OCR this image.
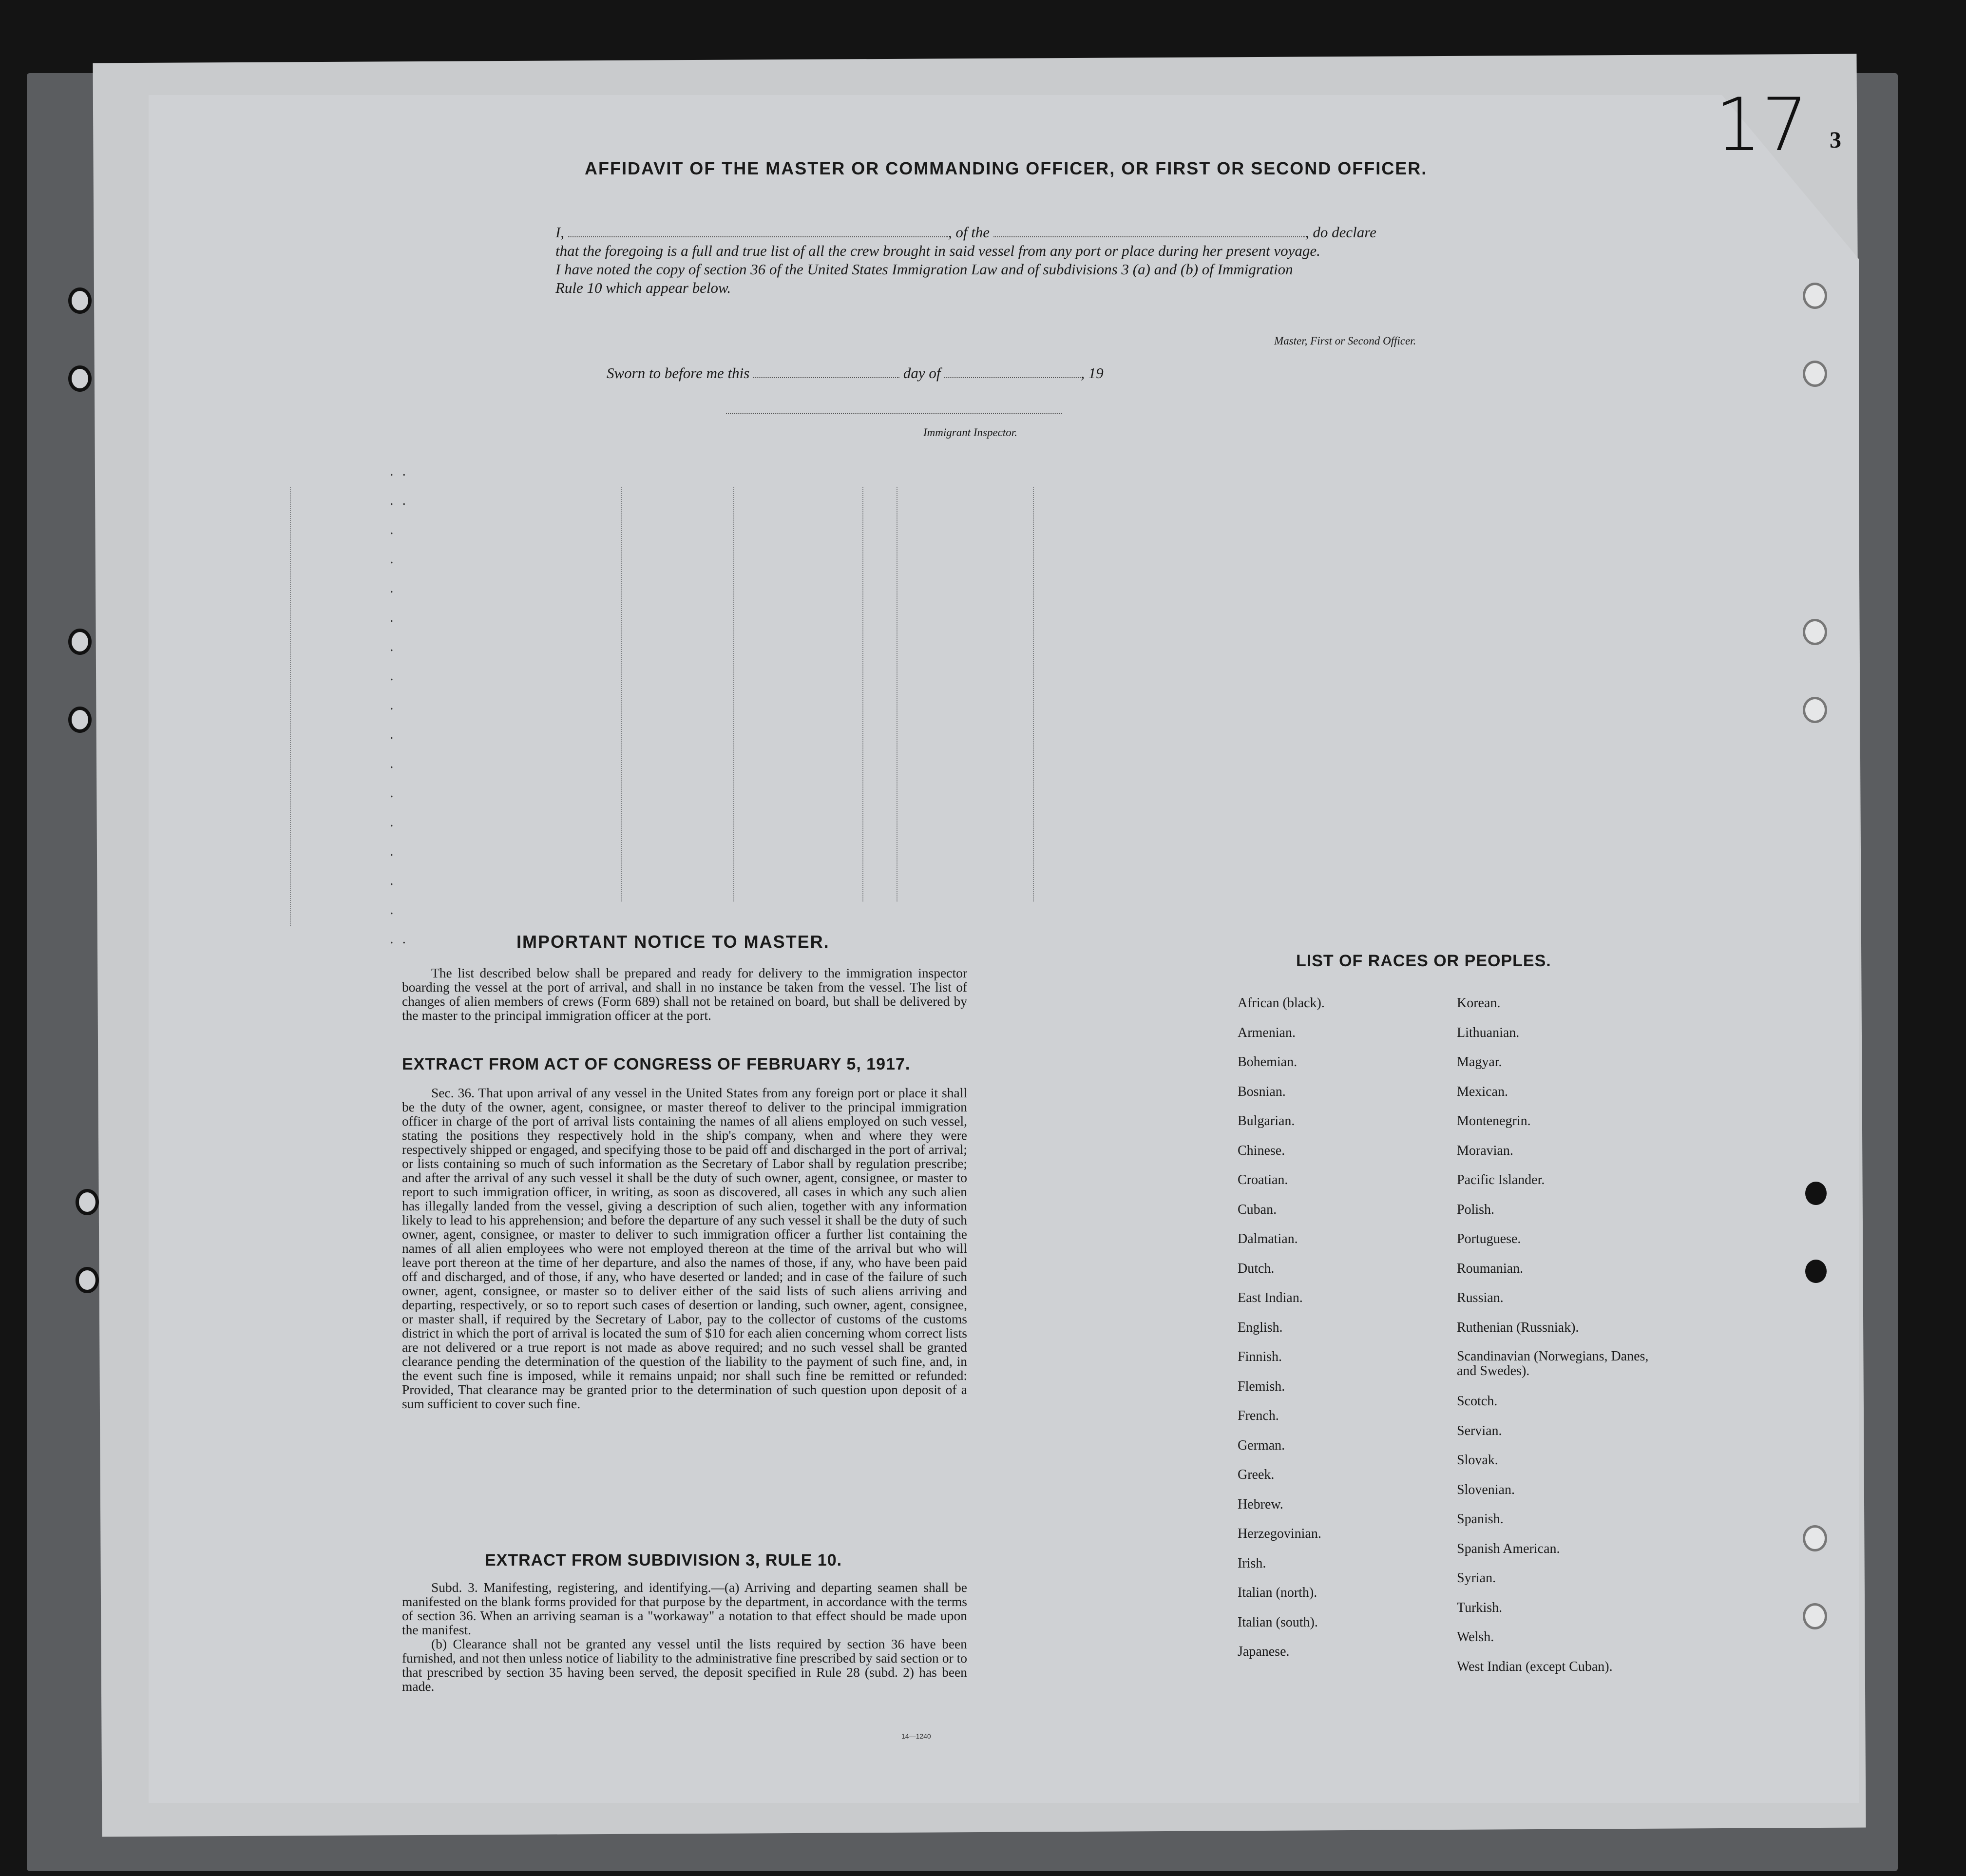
17 3
AFFIDAVIT OF THE MASTER OR COMMANDING OFFICER, OR FIRST OR SECOND OFFICER.
I,	, of the	, do declare
that the foregoing is a full and true list of all the crew brought in said vessel from any port or place during her present voyage.
I have noted the copy of section 36 of the United States Immigration Law and of subdivisions 3 (a) and (b) of Immigration
Rule 10 which appear below.
Master, First or Second Officer.
Sworn to before me this	day of	, 19
Immigrant Inspector.
..
..
.
.
.
.
.
.
.
.
.
.
.
.
.
.
..	IMPORTANT NOTICE TO MASTER.

The list described below shall be prepared and ready for delivery to the immigration inspector boarding the vessel at the port of arrival, and shall in no instance be taken from the vessel. The list of changes of alien members of crews (Form 689) shall not be retained on board, but shall be delivered by the master to the principal immigration officer at the port.

EXTRACT FROM ACT OF CONGRESS OF FEBRUARY 5, 1917.

Sec. 36. That upon arrival of any vessel in the United States from any foreign port or place it shall be the duty of the owner, agent, consignee, or master thereof to deliver to the principal immigration officer in charge of the port of arrival lists containing the names of all aliens employed on such vessel, stating the positions they respectively hold in the ship's company, when and where they were respectively shipped or engaged, and specifying those to be paid off and discharged in the port of arrival; or lists containing so much of such information as the Secretary of Labor shall by regulation prescribe; and after the arrival of any such vessel it shall be the duty of such owner, agent, consignee, or master to report to such immigration officer, in writing, as soon as discovered, all cases in which any such alien has illegally landed from the vessel, giving a description of such alien, together with any information likely to lead to his apprehension; and before the departure of any such vessel it shall be the duty of such owner, agent, consignee, or master to deliver to such immigration officer a further list containing the names of all alien employees who were not employed thereon at the time of the arrival but who will leave port thereon at the time of her departure, and also the names of those, if any, who have been paid off and discharged, and of those, if any, who have deserted or landed; and in case of the failure of such owner, agent, consignee, or master so to deliver either of the said lists of such aliens arriving and departing, respectively, or so to report such cases of desertion or landing, such owner, agent, consignee, or master shall, if required by the Secretary of Labor, pay to the collector of customs of the customs district in which the port of arrival is located the sum of $10 for each alien concerning whom correct lists are not delivered or a true report is not made as above required; and no such vessel shall be granted clearance pending the determination of the question of the liability to the payment of such fine, and, in the event such fine is imposed, while it remains unpaid; nor shall such fine be remitted or refunded: Provided, That clearance may be granted prior to the determination of such question upon deposit of a sum sufficient to cover such fine.

EXTRACT FROM SUBDIVISION 3, RULE 10.

Subd. 3. Manifesting, registering, and identifying.—(a) Arriving and departing seamen shall be manifested on the blank forms provided for that purpose by the department, in accordance with the terms of section 36. When an arriving seaman is a "workaway" a notation to that effect should be made upon the manifest.

(b) Clearance shall not be granted any vessel until the lists required by section 36 have been furnished, and not then unless notice of liability to the administrative fine prescribed by said section or to that prescribed by section 35 having been served, the deposit specified in Rule 28 (subd. 2) has been made.

14—1240
LIST OF RACES OR PEOPLES.
African (black).
Armenian.
Bohemian.
Bosnian.
Bulgarian.
Chinese.
Croatian.
Cuban.
Dalmatian.
Dutch.
East Indian.
English.
Finnish.
Flemish.
French.
German.
Greek.
Hebrew.
Herzegovinian.
Irish.
Italian (north).
Italian (south).
Japanese.
Korean.
Lithuanian.
Magyar.
Mexican.
Montenegrin.
Moravian.
Pacific Islander.
Polish.
Portuguese.
Roumanian.
Russian.
Ruthenian (Russniak).
Scandinavian (Norwegians, Danes, and Swedes).
Scotch.
Servian.
Slovak.
Slovenian.
Spanish.
Spanish American.
Syrian.
Turkish.
Welsh.
West Indian (except Cuban).
